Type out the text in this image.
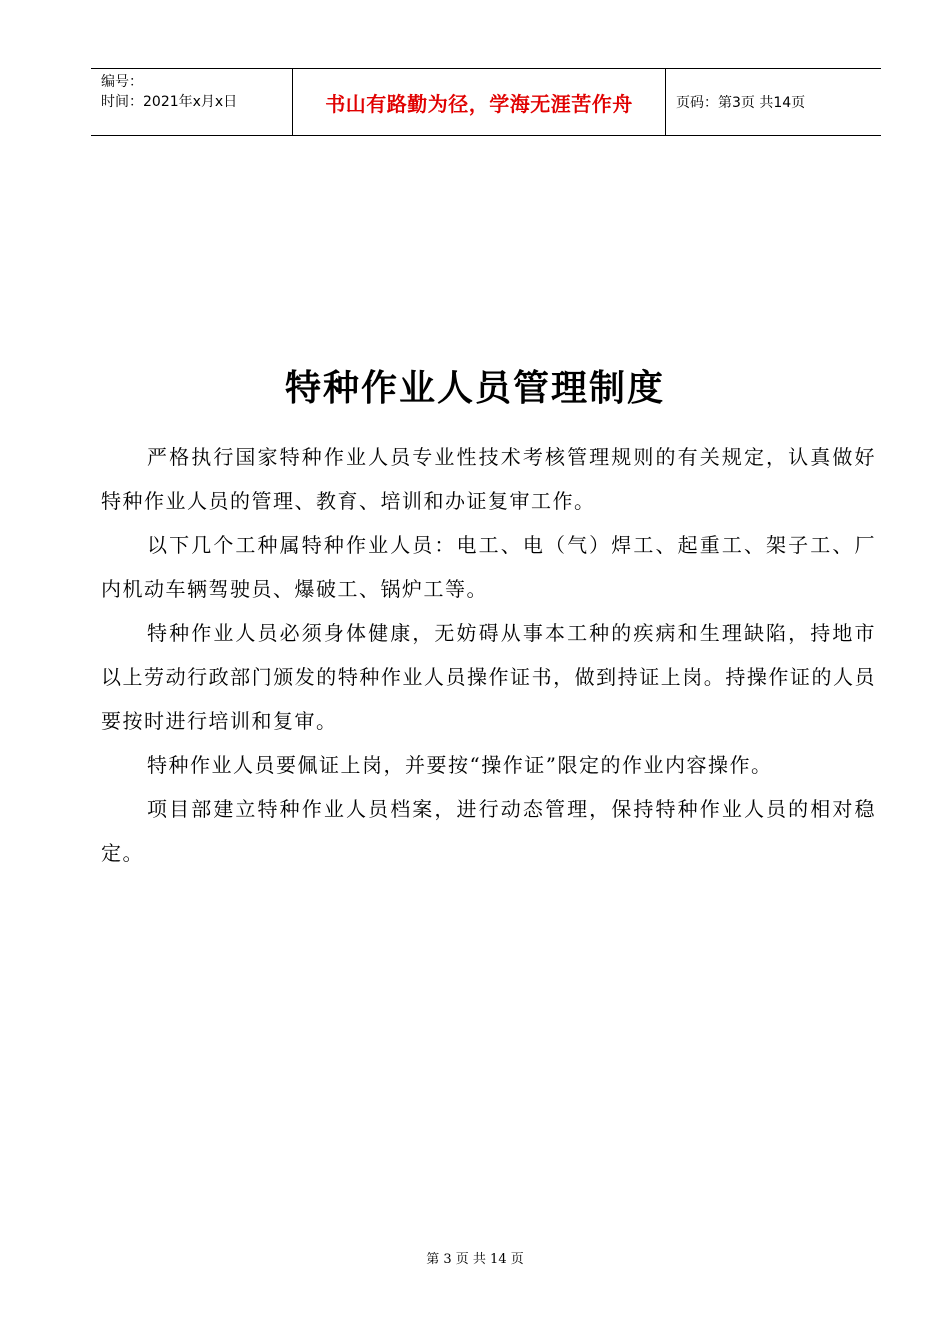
编号：
时间：2021年x月x日	书山有路勤为径，学海无涯苦作舟	页码：第3页 共14页
特种作业人员管理制度

严格执行国家特种作业人员专业性技术考核管理规则的有关规定，认真做好特种作业人员的管理、教育、培训和办证复审工作。

以下几个工种属特种作业人员：电工、电（气）焊工、起重工、架子工、厂内机动车辆驾驶员、爆破工、锅炉工等。

特种作业人员必须身体健康，无妨碍从事本工种的疾病和生理缺陷，持地市以上劳动行政部门颁发的特种作业人员操作证书，做到持证上岗。持操作证的人员要按时进行培训和复审。

特种作业人员要佩证上岗，并要按“操作证”限定的作业内容操作。

项目部建立特种作业人员档案，进行动态管理，保持特种作业人员的相对稳定。

第 3 页 共 14 页
